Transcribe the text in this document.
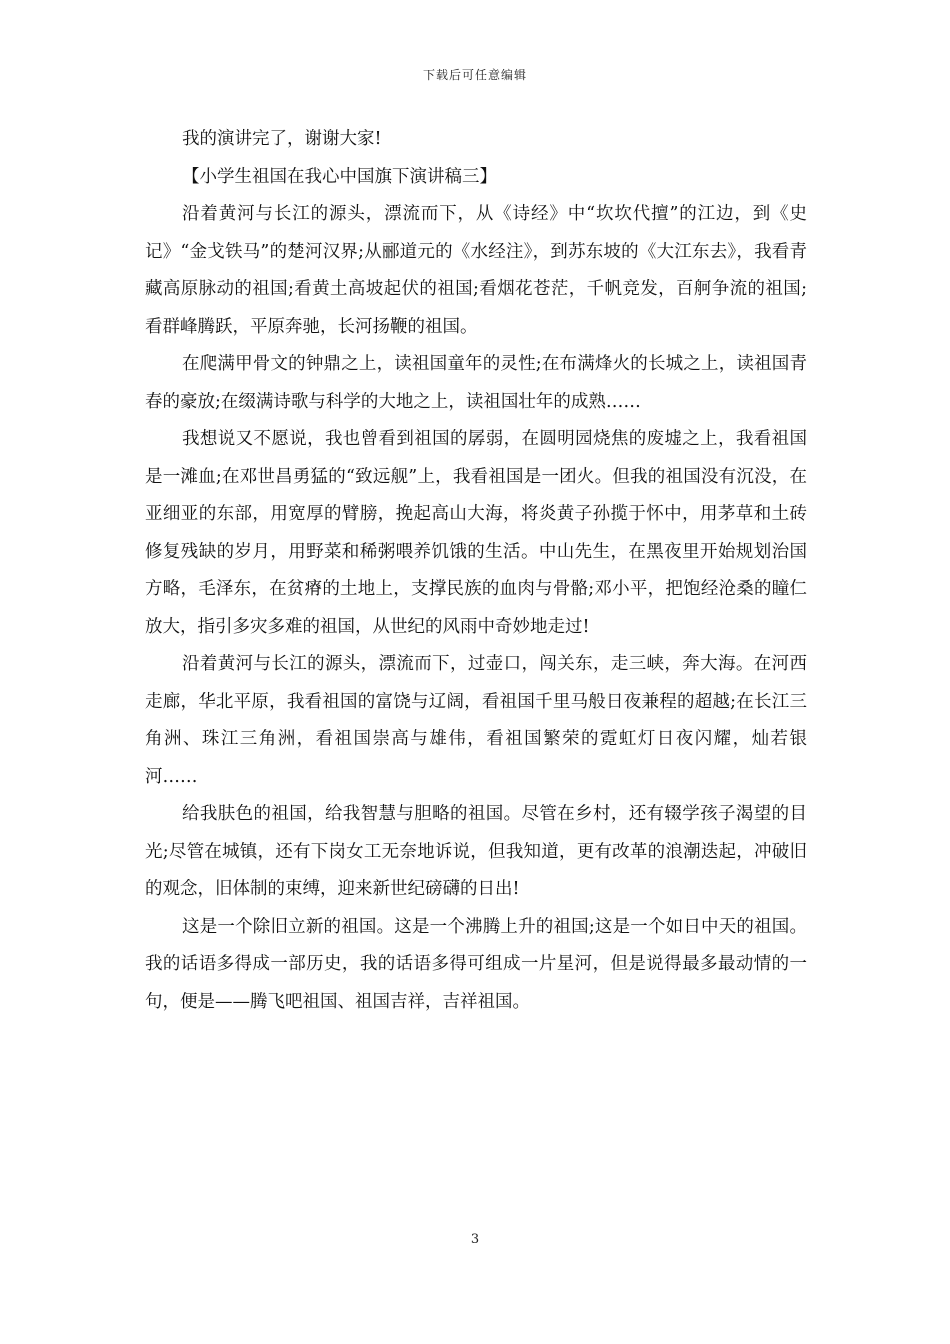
下载后可任意编辑

我的演讲完了，谢谢大家!

【小学生祖国在我心中国旗下演讲稿三】

沿着黄河与长江的源头，漂流而下，从《诗经》中“坎坎代擅”的江边，到《史记》“金戈铁马”的楚河汉界;从郦道元的《水经注》，到苏东坡的《大江东去》，我看青藏高原脉动的祖国;看黄土高坡起伏的祖国;看烟花苍茫，千帆竞发，百舸争流的祖国;看群峰腾跃，平原奔驰，长河扬鞭的祖国。

在爬满甲骨文的钟鼎之上，读祖国童年的灵性;在布满烽火的长城之上，读祖国青春的豪放;在缀满诗歌与科学的大地之上，读祖国壮年的成熟……

我想说又不愿说，我也曾看到祖国的孱弱，在圆明园烧焦的废墟之上，我看祖国是一滩血;在邓世昌勇猛的“致远舰”上，我看祖国是一团火。但我的祖国没有沉没，在亚细亚的东部，用宽厚的臂膀，挽起高山大海，将炎黄子孙揽于怀中，用茅草和土砖修复残缺的岁月，用野菜和稀粥喂养饥饿的生活。中山先生，在黑夜里开始规划治国方略，毛泽东，在贫瘠的土地上，支撑民族的血肉与骨骼;邓小平，把饱经沧桑的瞳仁放大，指引多灾多难的祖国，从世纪的风雨中奇妙地走过!

沿着黄河与长江的源头，漂流而下，过壶口，闯关东，走三峡，奔大海。在河西走廊，华北平原，我看祖国的富饶与辽阔，看祖国千里马般日夜兼程的超越;在长江三角洲、珠江三角洲，看祖国崇高与雄伟，看祖国繁荣的霓虹灯日夜闪耀，灿若银河……

给我肤色的祖国，给我智慧与胆略的祖国。尽管在乡村，还有辍学孩子渴望的目光;尽管在城镇，还有下岗女工无奈地诉说，但我知道，更有改革的浪潮迭起，冲破旧的观念，旧体制的束缚，迎来新世纪磅礴的日出!

这是一个除旧立新的祖国。这是一个沸腾上升的祖国;这是一个如日中天的祖国。我的话语多得成一部历史，我的话语多得可组成一片星河，但是说得最多最动情的一句，便是——腾飞吧祖国、祖国吉祥，吉祥祖国。

3
